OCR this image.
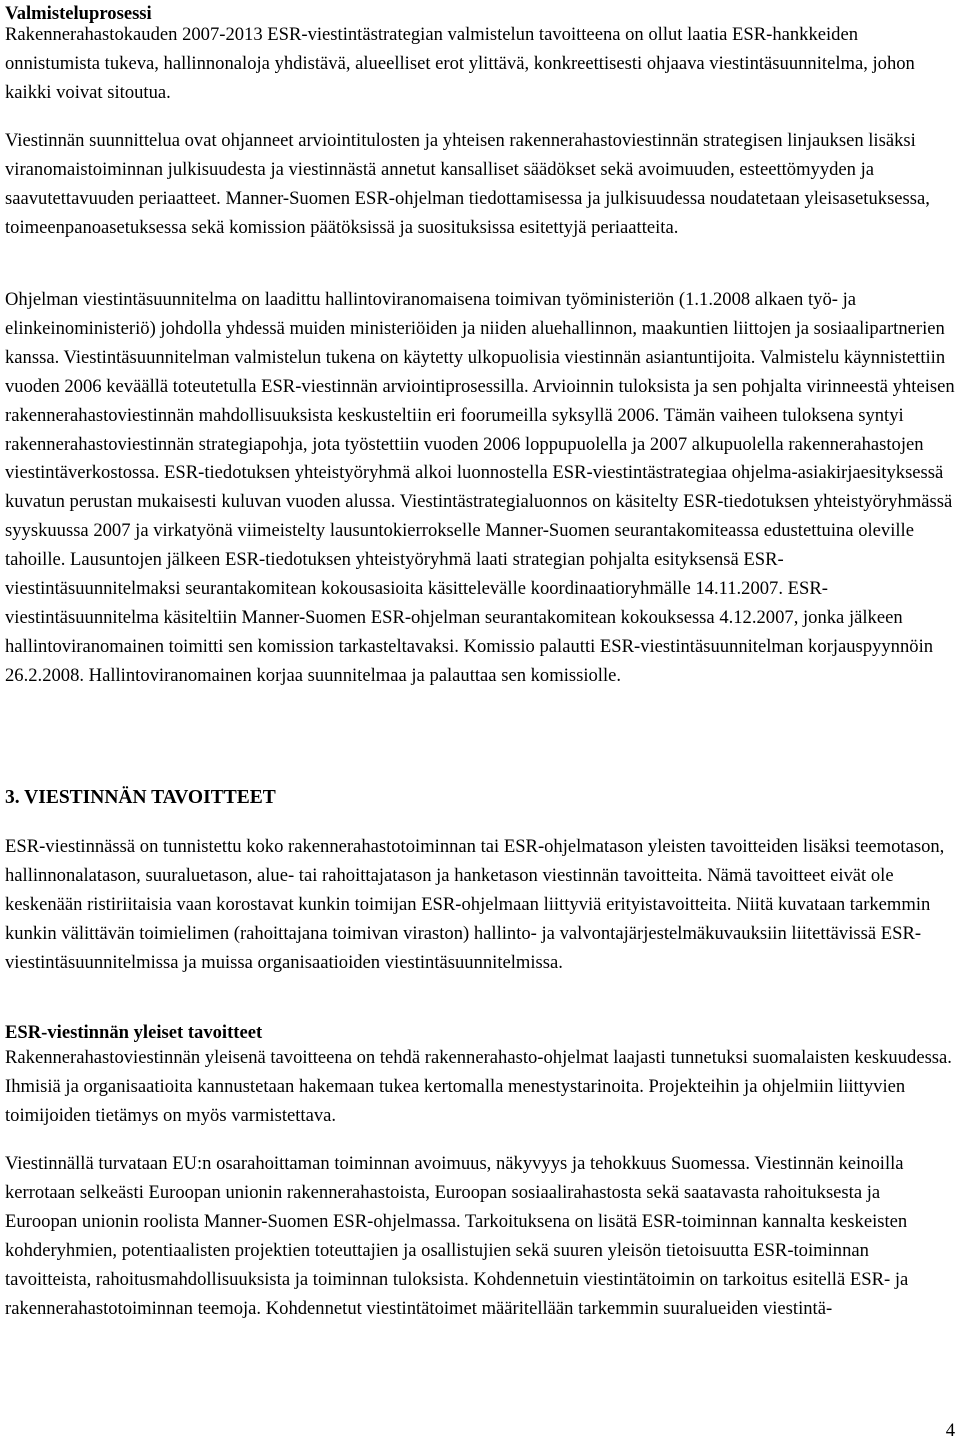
Valmisteluprosessi

Rakennerahastokauden 2007-2013 ESR-viestintästrategian valmistelun tavoitteena on ollut laatia ESR-hankkeiden onnistumista tukeva, hallinnonaloja yhdistävä, alueelliset erot ylittävä, konkreettisesti ohjaava viestintäsuunnitelma, johon kaikki voivat sitoutua.

Viestinnän suunnittelua ovat ohjanneet arviointitulosten ja yhteisen rakennerahastoviestinnän strategisen linjauksen lisäksi viranomaistoiminnan julkisuudesta ja viestinnästä annetut kansalliset säädökset sekä avoimuuden, esteettömyyden ja saavutettavuuden periaatteet. Manner-Suomen ESR-ohjelman tiedottamisessa ja julkisuudessa noudatetaan yleisasetuksessa, toimeenpanoasetuksessa sekä komission päätöksissä ja suosituksissa esitettyjä periaatteita.

Ohjelman viestintäsuunnitelma on laadittu hallintoviranomaisena toimivan työministeriön (1.1.2008 alkaen työ- ja elinkeinoministeriö) johdolla yhdessä muiden ministeriöiden ja niiden aluehallinnon, maakuntien liittojen ja sosiaalipartnerien kanssa. Viestintäsuunnitelman valmistelun tukena on käytetty ulkopuolisia viestinnän asiantuntijoita. Valmistelu käynnistettiin vuoden 2006 keväällä toteutetulla ESR-viestinnän arviointiprosessilla. Arvioinnin tuloksista ja sen pohjalta virinneestä yhteisen rakennerahastoviestinnän mahdollisuuksista keskusteltiin eri foorumeilla syksyllä 2006. Tämän vaiheen tuloksena syntyi rakennerahastoviestinnän strategiapohja, jota työstettiin vuoden 2006 loppupuolella ja 2007 alkupuolella rakennerahastojen viestintäverkostossa. ESR-tiedotuksen yhteistyöryhmä alkoi luonnostella ESR-viestintästrategiaa ohjelma-asiakirjaesityksessä kuvatun perustan mukaisesti kuluvan vuoden alussa. Viestintästrategialuonnos on käsitelty ESR-tiedotuksen yhteistyöryhmässä syyskuussa 2007 ja virkatyönä viimeistelty lausuntokierrokselle Manner-Suomen seurantakomiteassa edustettuina oleville tahoille. Lausuntojen jälkeen ESR-tiedotuksen yhteistyöryhmä laati strategian pohjalta esityksensä ESR-viestintäsuunnitelmaksi seurantakomitean kokousasioita käsittelevälle koordinaatioryhmälle 14.11.2007. ESR-viestintäsuunnitelma käsiteltiin Manner-Suomen ESR-ohjelman seurantakomitean kokouksessa 4.12.2007, jonka jälkeen hallintoviranomainen toimitti sen komission tarkasteltavaksi. Komissio palautti ESR-viestintäsuunnitelman korjauspyynnöin 26.2.2008. Hallintoviranomainen korjaa suunnitelmaa ja palauttaa sen komissiolle.

3. VIESTINNÄN TAVOITTEET

ESR-viestinnässä on tunnistettu koko rakennerahastotoiminnan tai ESR-ohjelmatason yleisten tavoitteiden lisäksi teemotason, hallinnonalatason, suuraluetason, alue- tai rahoittajatason ja hanketason viestinnän tavoitteita. Nämä tavoitteet eivät ole keskenään ristiriitaisia vaan korostavat kunkin toimijan ESR-ohjelmaan liittyviä erityistavoitteita. Niitä kuvataan tarkemmin kunkin välittävän toimielimen (rahoittajana toimivan viraston) hallinto- ja valvontajärjestelmäkuvauksiin liitettävissä ESR-viestintäsuunnitelmissa ja muissa organisaatioiden viestintäsuunnitelmissa.

ESR-viestinnän yleiset tavoitteet

Rakennerahastoviestinnän yleisenä tavoitteena on tehdä rakennerahasto-ohjelmat laajasti tunnetuksi suomalaisten keskuudessa. Ihmisiä ja organisaatioita kannustetaan hakemaan tukea kertomalla menestystarinoita. Projekteihin ja ohjelmiin liittyvien toimijoiden tietämys on myös varmistettava.

Viestinnällä turvataan EU:n osarahoittaman toiminnan avoimuus, näkyvyys ja tehokkuus Suomessa. Viestinnän keinoilla kerrotaan selkeästi Euroopan unionin rakennerahastoista, Euroopan sosiaalirahastosta sekä saatavasta rahoituksesta ja Euroopan unionin roolista Manner-Suomen ESR-ohjelmassa. Tarkoituksena on lisätä ESR-toiminnan kannalta keskeisten kohderyhmien, potentiaalisten projektien toteuttajien ja osallistujien sekä suuren yleisön tietoisuutta ESR-toiminnan tavoitteista, rahoitusmahdollisuuksista ja toiminnan tuloksista. Kohdennetuin viestintätoimin on tarkoitus esitellä ESR- ja rakennerahastotoiminnan teemoja. Kohdennetut viestintätoimet määritellään tarkemmin suuralueiden viestintä-

4
